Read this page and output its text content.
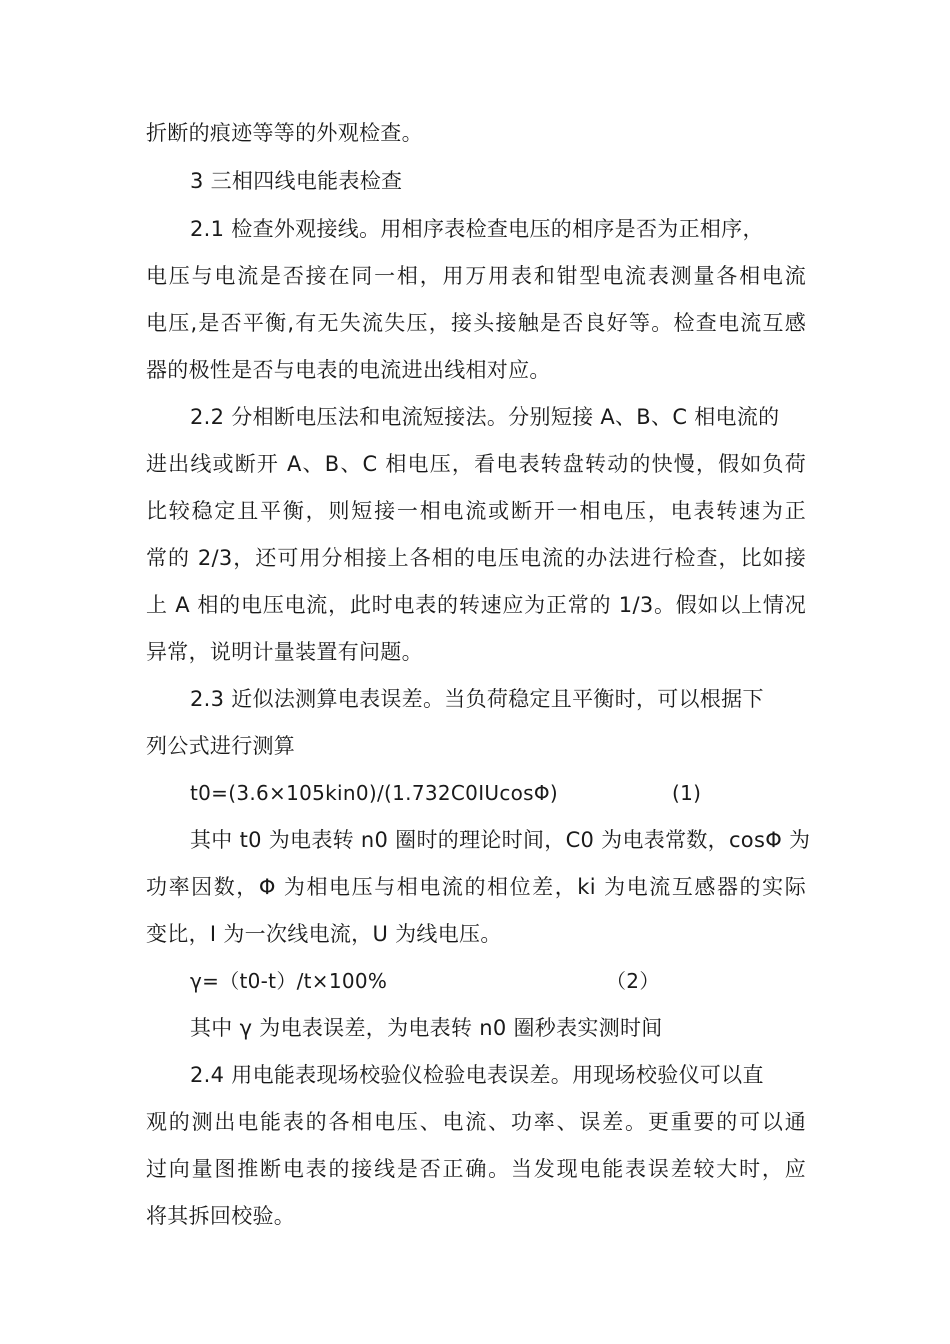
折断的痕迹等等的外观检查。
3 三相四线电能表检查
2.1 检查外观接线。用相序表检查电压的相序是否为正相序，
电压与电流是否接在同一相，用万用表和钳型电流表测量各相电流
电压,是否平衡,有无失流失压，接头接触是否良好等。检查电流互感
器的极性是否与电表的电流进出线相对应。
2.2 分相断电压法和电流短接法。分别短接 A、B、C 相电流的
进出线或断开 A、B、C 相电压，看电表转盘转动的快慢，假如负荷
比较稳定且平衡，则短接一相电流或断开一相电压，电表转速为正
常的 2/3，还可用分相接上各相的电压电流的办法进行检查，比如接
上 A 相的电压电流，此时电表的转速应为正常的 1/3。假如以上情况
异常，说明计量装置有问题。
2.3 近似法测算电表误差。当负荷稳定且平衡时，可以根据下
列公式进行测算
t0=(3.6×105kin0)/(1.732C0IUcosΦ)	(1)
其中 t0 为电表转 n0 圈时的理论时间，C0 为电表常数，cosΦ 为
功率因数，Φ 为相电压与相电流的相位差，ki 为电流互感器的实际
变比，I 为一次线电流，U 为线电压。
γ=（t0-t）/t×100%	（2）
其中 γ 为电表误差，为电表转 n0 圈秒表实测时间
2.4 用电能表现场校验仪检验电表误差。用现场校验仪可以直
观的测出电能表的各相电压、电流、功率、误差。更重要的可以通
过向量图推断电表的接线是否正确。当发现电能表误差较大时，应
将其拆回校验。
